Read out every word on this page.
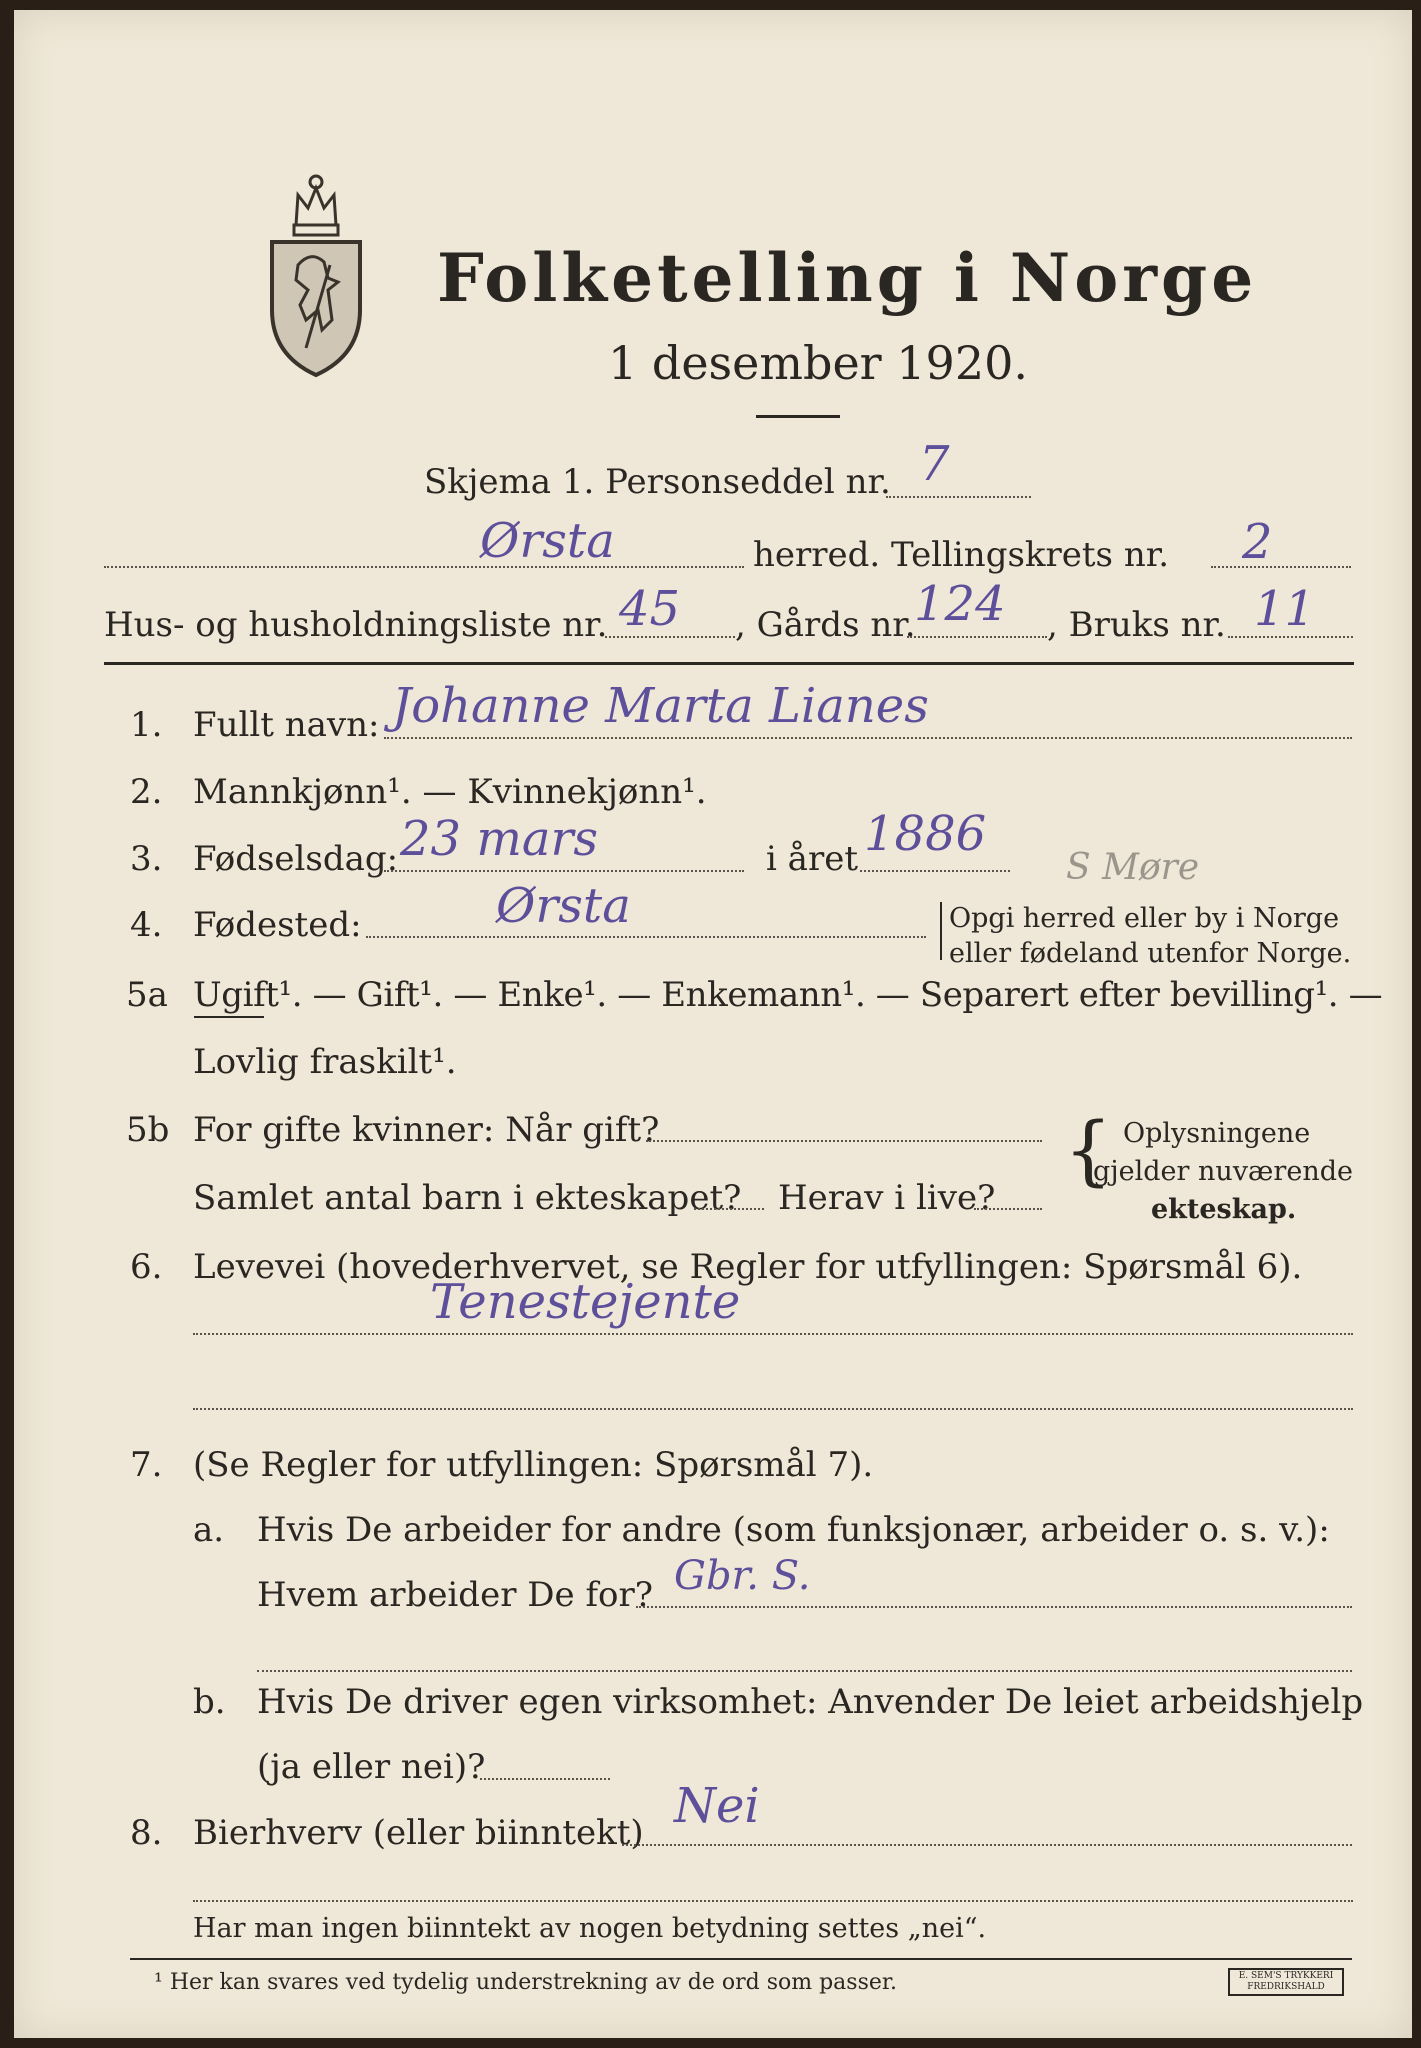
Folketelling i Norge
1 desember 1920.
Skjema 1. Personseddel nr. 7
Ørsta	herred. Tellingskrets nr. 2
Hus- og husholdningsliste nr. 45 , Gårds nr.
124 , Bruks nr. 11
1. Fullt navn: Johanne Marta Lianes
2. Mannkjønn¹. — Kvinnekjønn¹.
3. Fødselsdag: 23 mars	i året 1886
S Møre
4. Fødested:	Ørsta	Opgi herred eller by i Norge
eller fødeland utenfor Norge.
5a Ugift¹. — Gift¹. — Enke¹. — Enkemann¹. — Separert efter bevilling¹. —
Lovlig fraskilt¹.
5b For gifte kvinner: Når gift?
Samlet antal barn i ekteskapet? Herav i live?
{ Oplysningene
gjelder nuværende
ekteskap.
6. Levevei (hovederhvervet, se Regler for utfyllingen: Spørsmål 6).
Tenestejente
7. (Se Regler for utfyllingen: Spørsmål 7).
a. Hvis De arbeider for andre (som funksjonær, arbeider o. s. v.):
Hvem arbeider De for? Gbr. S.
b. Hvis De driver egen virksomhet: Anvender De leiet arbeidshjelp
(ja eller nei)?
8. Bierhverv (eller biinntekt) Nei
Har man ingen biinntekt av nogen betydning settes „nei“.
¹ Her kan svares ved tydelig understrekning av de ord som passer.	E. SEM'S TRYKKERI FREDRIKSHALD
